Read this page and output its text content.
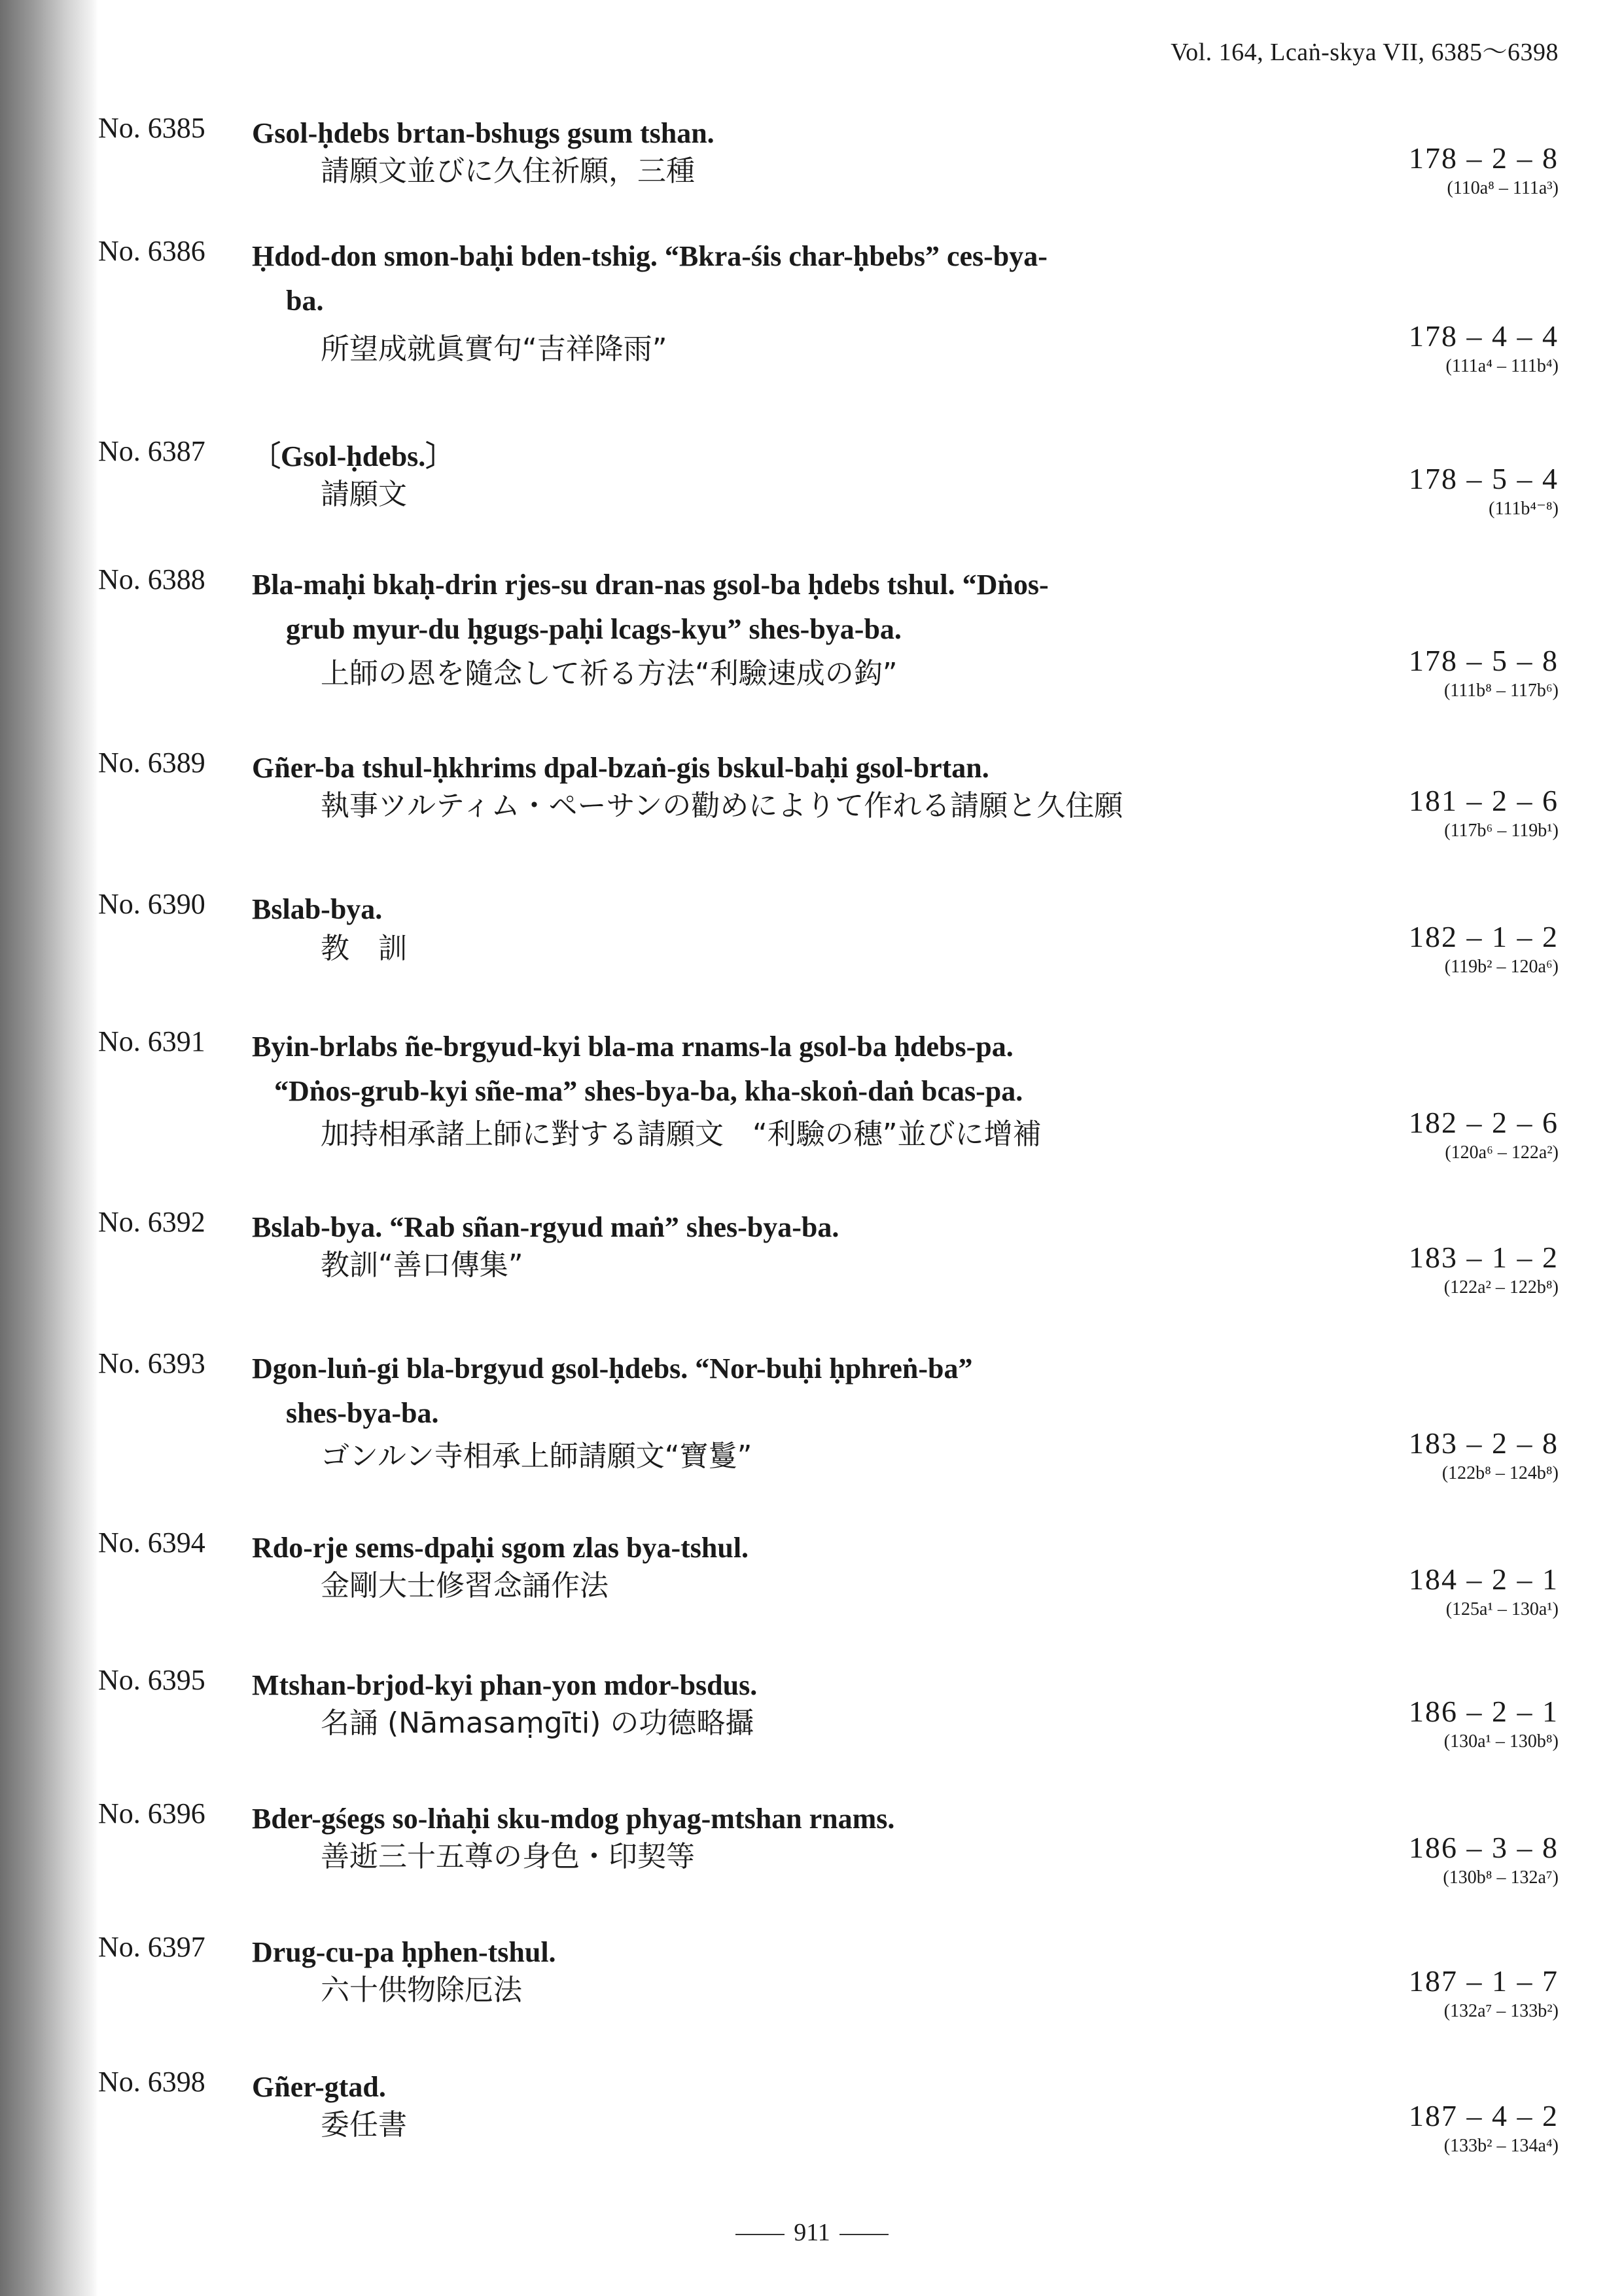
Vol. 164, Lcaṅ-skya VII, 6385～6398
No. 6385 Gsol-ḥdebs brtan-bshugs gsum tshan.
請願文並びに久住祈願，三種	178 – 2 – 8
(110a⁸ – 111a³)
No. 6386 Ḥdod-don smon-baḥi bden-tshig. “Bkra-śis char-ḥbebs” ces-bya-
ba.
所望成就眞實句“吉祥降雨”	178 – 4 – 4
(111a⁴ – 111b⁴)
No. 6387 〔Gsol-ḥdebs.〕
請願文	178 – 5 – 4
(111b⁴⁻⁸)
No. 6388 Bla-maḥi bkaḥ-drin rjes-su dran-nas gsol-ba ḥdebs tshul. “Dṅos-
grub myur-du ḥgugs-paḥi lcags-kyu” shes-bya-ba.
上師の恩を隨念して祈る方法“利驗速成の鈎”	178 – 5 – 8
(111b⁸ – 117b⁶)
No. 6389 Gñer-ba tshul-ḥkhrims dpal-bzaṅ-gis bskul-baḥi gsol-brtan.
執事ツルティム・ペーサンの勸めによりて作れる請願と久住願	181 – 2 – 6
(117b⁶ – 119b¹)
No. 6390 Bslab-bya.
教　訓	182 – 1 – 2
(119b² – 120a⁶)
No. 6391 Byin-brlabs ñe-brgyud-kyi bla-ma rnams-la gsol-ba ḥdebs-pa.
“Dṅos-grub-kyi sñe-ma” shes-bya-ba, kha-skoṅ-daṅ bcas-pa.
加持相承諸上師に對する請願文　“利驗の穗”並びに增補	182 – 2 – 6
(120a⁶ – 122a²)
No. 6392 Bslab-bya. “Rab sñan-rgyud maṅ” shes-bya-ba.
教訓“善口傳集”	183 – 1 – 2
(122a² – 122b⁸)
No. 6393 Dgon-luṅ-gi bla-brgyud gsol-ḥdebs. “Nor-buḥi ḥphreṅ-ba”
shes-bya-ba.
ゴンルン寺相承上師請願文“寶鬘”	183 – 2 – 8
(122b⁸ – 124b⁸)
No. 6394 Rdo-rje sems-dpaḥi sgom zlas bya-tshul.
金剛大士修習念誦作法	184 – 2 – 1
(125a¹ – 130a¹)
No. 6395 Mtshan-brjod-kyi phan-yon mdor-bsdus.
名誦 (Nāmasaṃgīti) の功德略攝	186 – 2 – 1
(130a¹ – 130b⁸)
No. 6396 Bder-gśegs so-lṅaḥi sku-mdog phyag-mtshan rnams.
善逝三十五尊の身色・印契等	186 – 3 – 8
(130b⁸ – 132a⁷)
No. 6397 Drug-cu-pa ḥphen-tshul.
六十供物除厄法	187 – 1 – 7
(132a⁷ – 133b²)
No. 6398 Gñer-gtad.
委任書	187 – 4 – 2
(133b² – 134a⁴)
911
